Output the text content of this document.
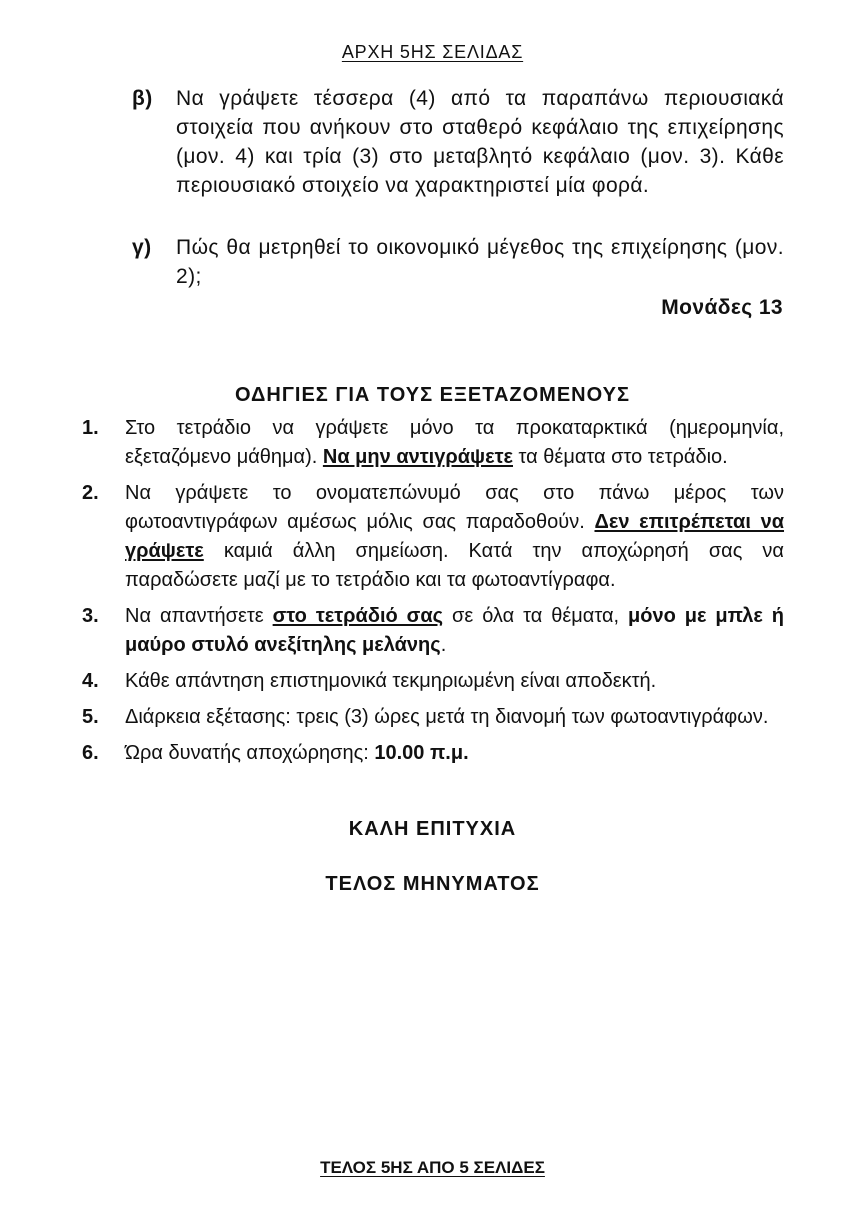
ΑΡΧΗ 5ΗΣ ΣΕΛΙΔΑΣ
β) Να γράψετε τέσσερα (4) από τα παραπάνω περιουσιακά στοιχεία που ανήκουν στο σταθερό κεφάλαιο της επιχείρησης (μον. 4) και τρία (3) στο μεταβλητό κεφάλαιο (μον. 3). Κάθε περιουσιακό στοιχείο να χαρακτηριστεί μία φορά.
γ) Πώς θα μετρηθεί το οικονομικό μέγεθος της επιχείρησης (μον. 2);
Μονάδες 13
ΟΔΗΓΙΕΣ ΓΙΑ ΤΟΥΣ ΕΞΕΤΑΖΟΜΕΝΟΥΣ
1. Στο τετράδιο να γράψετε μόνο τα προκαταρκτικά (ημερομηνία, εξεταζόμενο μάθημα). Να μην αντιγράψετε τα θέματα στο τετράδιο.
2. Να γράψετε το ονοματεπώνυμό σας στο πάνω μέρος των φωτοαντιγράφων αμέσως μόλις σας παραδοθούν. Δεν επιτρέπεται να γράψετε καμιά άλλη σημείωση. Κατά την αποχώρησή σας να παραδώσετε μαζί με το τετράδιο και τα φωτοαντίγραφα.
3. Να απαντήσετε στο τετράδιό σας σε όλα τα θέματα, μόνο με μπλε ή μαύρο στυλό ανεξίτηλης μελάνης.
4. Κάθε απάντηση επιστημονικά τεκμηριωμένη είναι αποδεκτή.
5. Διάρκεια εξέτασης: τρεις (3) ώρες μετά τη διανομή των φωτοαντιγράφων.
6. Ώρα δυνατής αποχώρησης: 10.00 π.μ.
ΚΑΛΗ ΕΠΙΤΥΧΙΑ
ΤΕΛΟΣ ΜΗΝΥΜΑΤΟΣ
ΤΕΛΟΣ 5ΗΣ ΑΠΟ 5 ΣΕΛΙΔΕΣ
